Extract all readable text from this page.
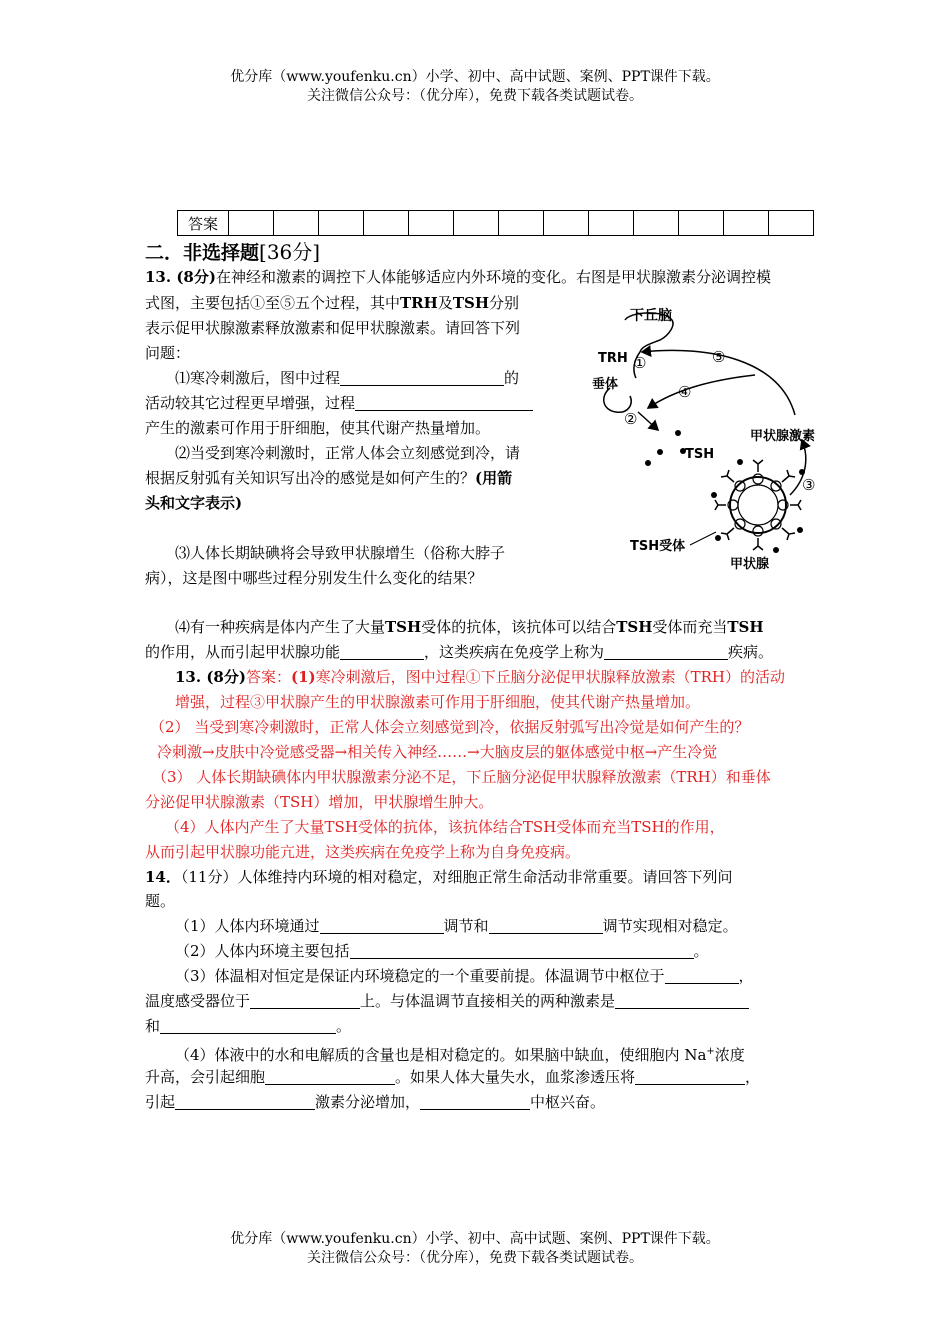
优分库（www.youfenku.cn）小学、初中、高中试题、案例、PPT课件下载。
关注微信公众号：（优分库），免费下载各类试题试卷。
答案													
二．非选择题[36分]
13. (8分)在神经和激素的调控下人体能够适应内外环境的变化。右图是甲状腺激素分泌调控模
式图，主要包括①至⑤五个过程，其中TRH及TSH分别
表示促甲状腺激素释放激素和促甲状腺激素。请回答下列
问题：
⑴寒冷刺激后，图中过程	的
活动较其它过程更早增强，过程
产生的激素可作用于肝细胞，使其代谢产热量增加。
⑵当受到寒冷刺激时，正常人体会立刻感觉到冷，请
根据反射弧有关知识写出冷的感觉是如何产生的？(用箭
头和文字表示)
⑶人体长期缺碘将会导致甲状腺增生（俗称大脖子
病），这是图中哪些过程分别发生什么变化的结果？
⑷有一种疾病是体内产生了大量TSH受体的抗体，该抗体可以结合TSH受体而充当TSH
的作用，从而引起甲状腺功能	，这类疾病在免疫学上称为	疾病。
下丘脑
TRH ①
垂体
②
TSH
⑤
④
③
甲状腺激素
TSH受体
甲状腺
13. (8分)答案：(1)寒冷刺激后，图中过程①下丘脑分泌促甲状腺释放激素（TRH）的活动
增强，过程③甲状腺产生的甲状腺激素可作用于肝细胞，使其代谢产热量增加。
（2） 当受到寒冷刺激时，正常人体会立刻感觉到冷，依据反射弧写出冷觉是如何产生的？
冷刺激→皮肤中冷觉感受器→相关传入神经……→大脑皮层的躯体感觉中枢→产生冷觉
（3） 人体长期缺碘体内甲状腺激素分泌不足，下丘脑分泌促甲状腺释放激素（TRH）和垂体
分泌促甲状腺激素（TSH）增加，甲状腺增生肿大。
（4）人体内产生了大量TSH受体的抗体，该抗体结合TSH受体而充当TSH的作用，
从而引起甲状腺功能亢进，这类疾病在免疫学上称为自身免疫病。
14．（11分）人体维持内环境的相对稳定，对细胞正常生命活动非常重要。请回答下列问
题。
（1）人体内环境通过	调节和	调节实现相对稳定。
（2）人体内环境主要包括	。
（3）体温相对恒定是保证内环境稳定的一个重要前提。体温调节中枢位于	，
温度感受器位于	上。与体温调节直接相关的两种激素是
和	。
（4）体液中的水和电解质的含量也是相对稳定的。如果脑中缺血，使细胞内 Na+浓度
升高，会引起细胞	。如果人体大量失水，血浆渗透压将	，
引起	激素分泌增加，	中枢兴奋。
优分库（www.youfenku.cn）小学、初中、高中试题、案例、PPT课件下载。
关注微信公众号：（优分库），免费下载各类试题试卷。
